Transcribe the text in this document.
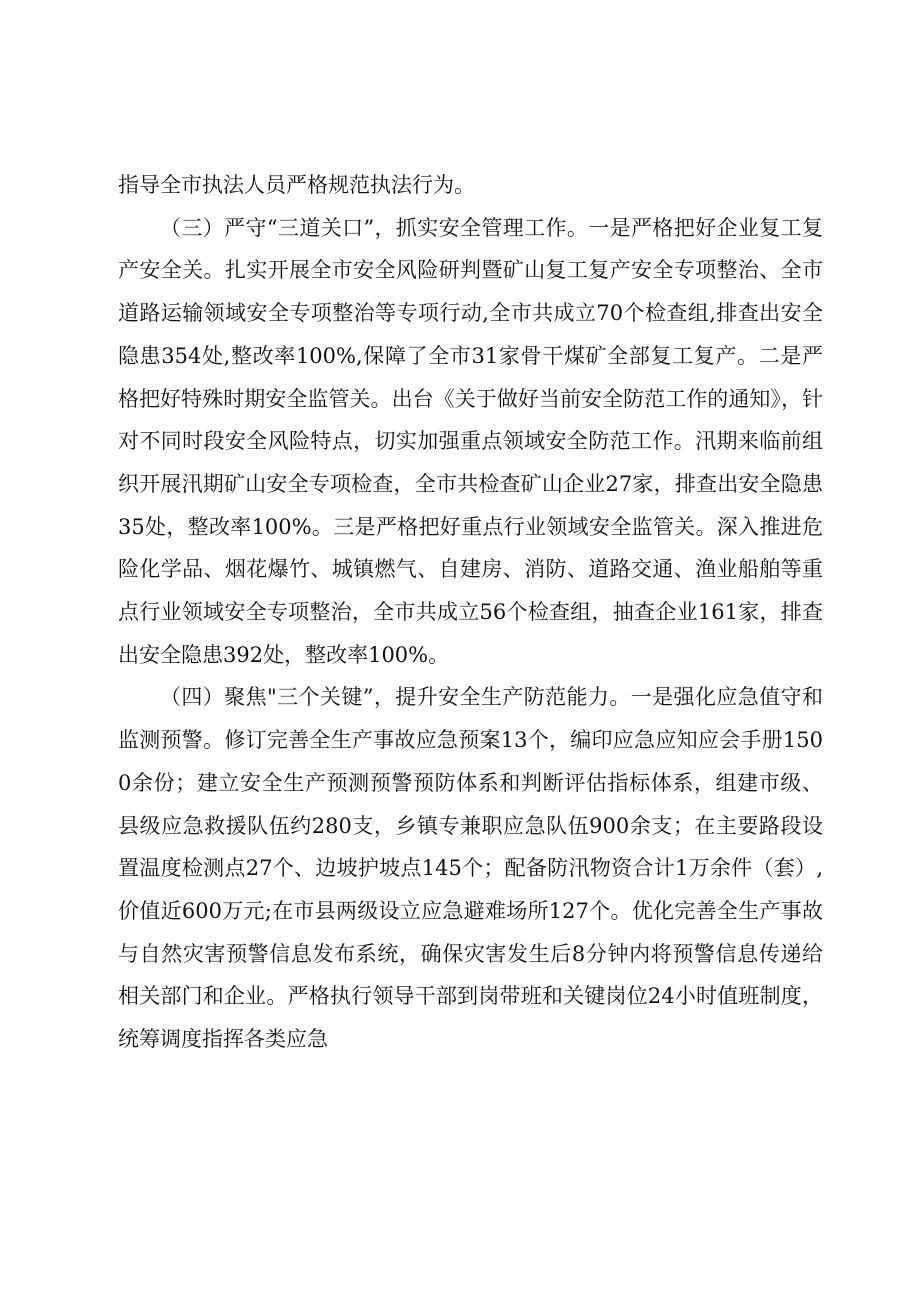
指导全市执法人员严格规范执法行为。

（三）严守“三道关口”，抓实安全管理工作。一是严格把好企业复工复产安全关。扎实开展全市安全风险研判暨矿山复工复产安全专项整治、全市道路运输领域安全专项整治等专项行动,全市共成立70个检查组,排查出安全隐患354处,整改率100%,保障了全市31家骨干煤矿全部复工复产。二是严格把好特殊时期安全监管关。出台《关于做好当前安全防范工作的通知》，针对不同时段安全风险特点，切实加强重点领域安全防范工作。汛期来临前组织开展汛期矿山安全专项检查，全市共检查矿山企业27家，排查出安全隐患35处，整改率100%。三是严格把好重点行业领域安全监管关。深入推进危险化学品、烟花爆竹、城镇燃气、自建房、消防、道路交通、渔业船舶等重点行业领域安全专项整治，全市共成立56个检查组，抽查企业161家，排查出安全隐患392处，整改率100%。

（四）聚焦"三个关键”，提升安全生产防范能力。一是强化应急值守和监测预警。修订完善全生产事故应急预案13个，编印应急应知应会手册1500余份；建立安全生产预测预警预防体系和判断评估指标体系，组建市级、县级应急救援队伍约280支，乡镇专兼职应急队伍900余支；在主要路段设置温度检测点27个、边坡护坡点145个；配备防汛物资合计1万余件（套）,价值近600万元;在市县两级设立应急避难场所127个。优化完善全生产事故与自然灾害预警信息发布系统，确保灾害发生后8分钟内将预警信息传递给相关部门和企业。严格执行领导干部到岗带班和关键岗位24小时值班制度，统筹调度指挥各类应急
